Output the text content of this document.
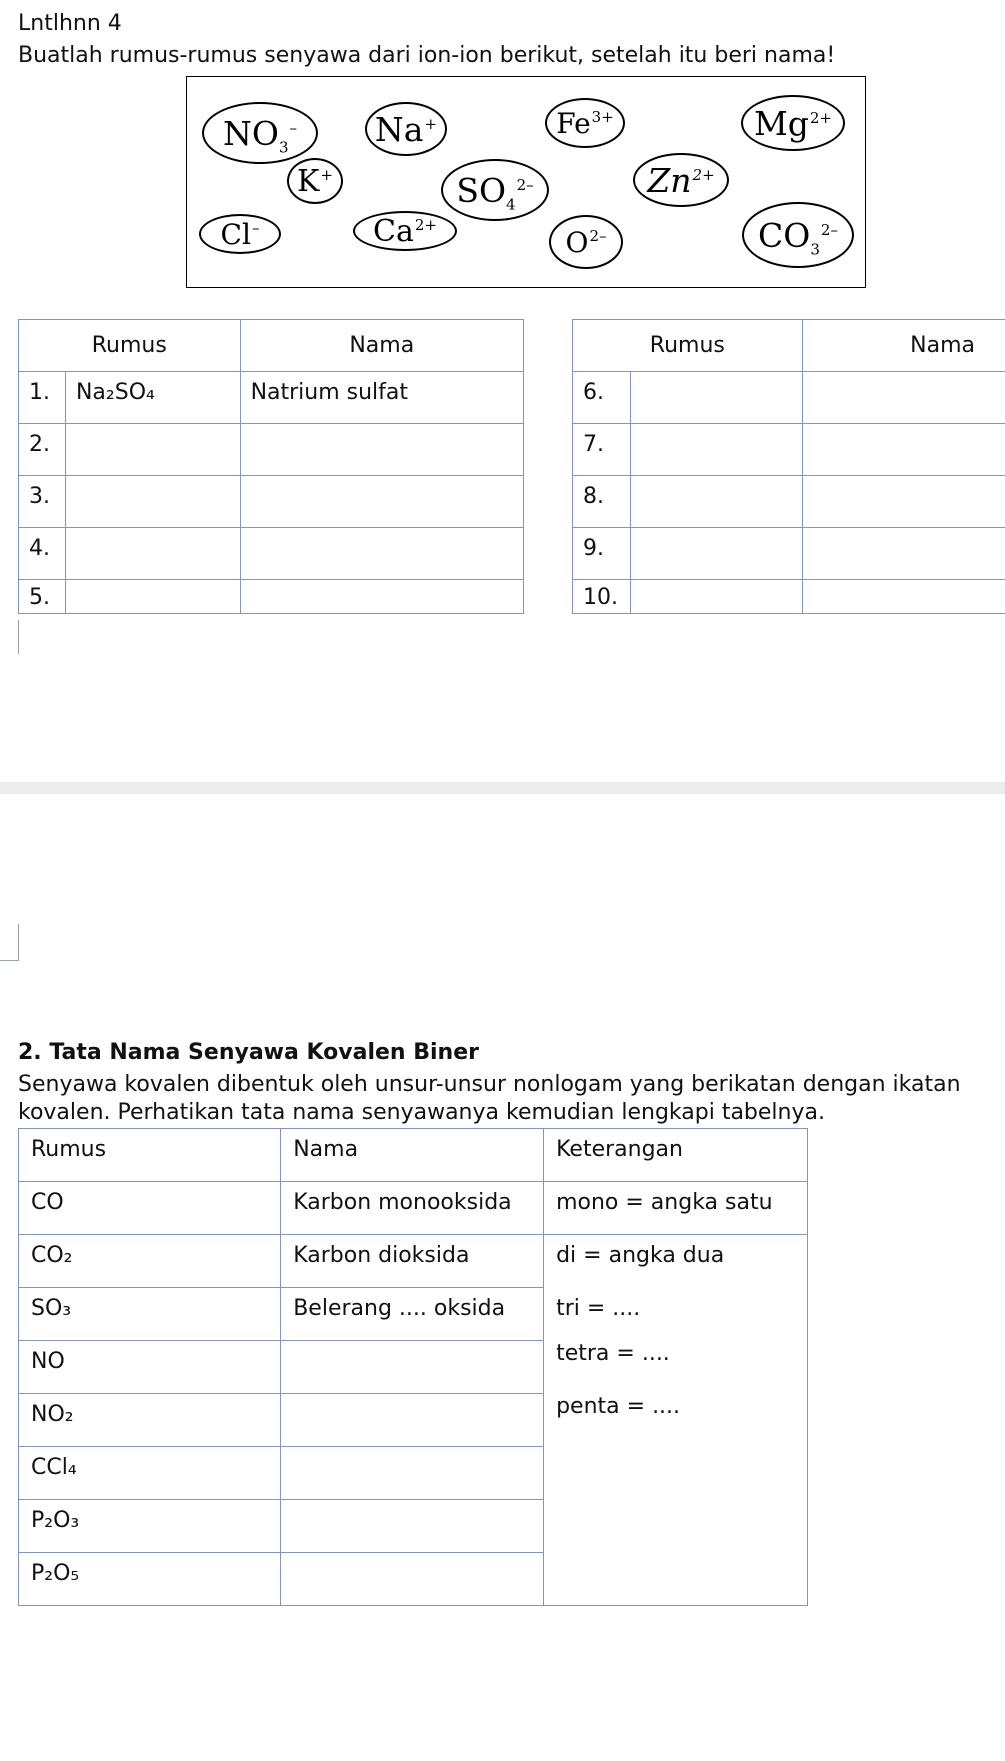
Lntlhnn 4
Buatlah rumus-rumus senyawa dari ion-ion berikut, setelah itu beri nama!
$NO_3^-$ Na+	$Fe^{3+}$	$Mg^{2+}$
K+	$SO_4^{2-}$	$Zn^{2+}$
Cl–	$Ca^{2+}$
$O^{2-}$	$CO_3^{2-}$
Rumus		Nama
1.	Na₂SO₄	Natrium sulfat
2.		
3.		
4.		
5.		
Rumus		Nama
6.		
7.		
8.		
9.		
10.		
2. Tata Nama Senyawa Kovalen Biner
Senyawa kovalen dibentuk oleh unsur-unsur nonlogam yang berikatan dengan ikatan
kovalen. Perhatikan tata nama senyawanya kemudian lengkapi tabelnya.
Rumus	Nama	Keterangan
CO	Karbon monooksida	mono = angka satu
CO₂	Karbon dioksida	di = angka dua
SO₃	Belerang .... oksida	tri = ....
NO		tetra = ....
NO₂		penta = ....
CCl₄		
P₂O₃		
P₂O₅		
